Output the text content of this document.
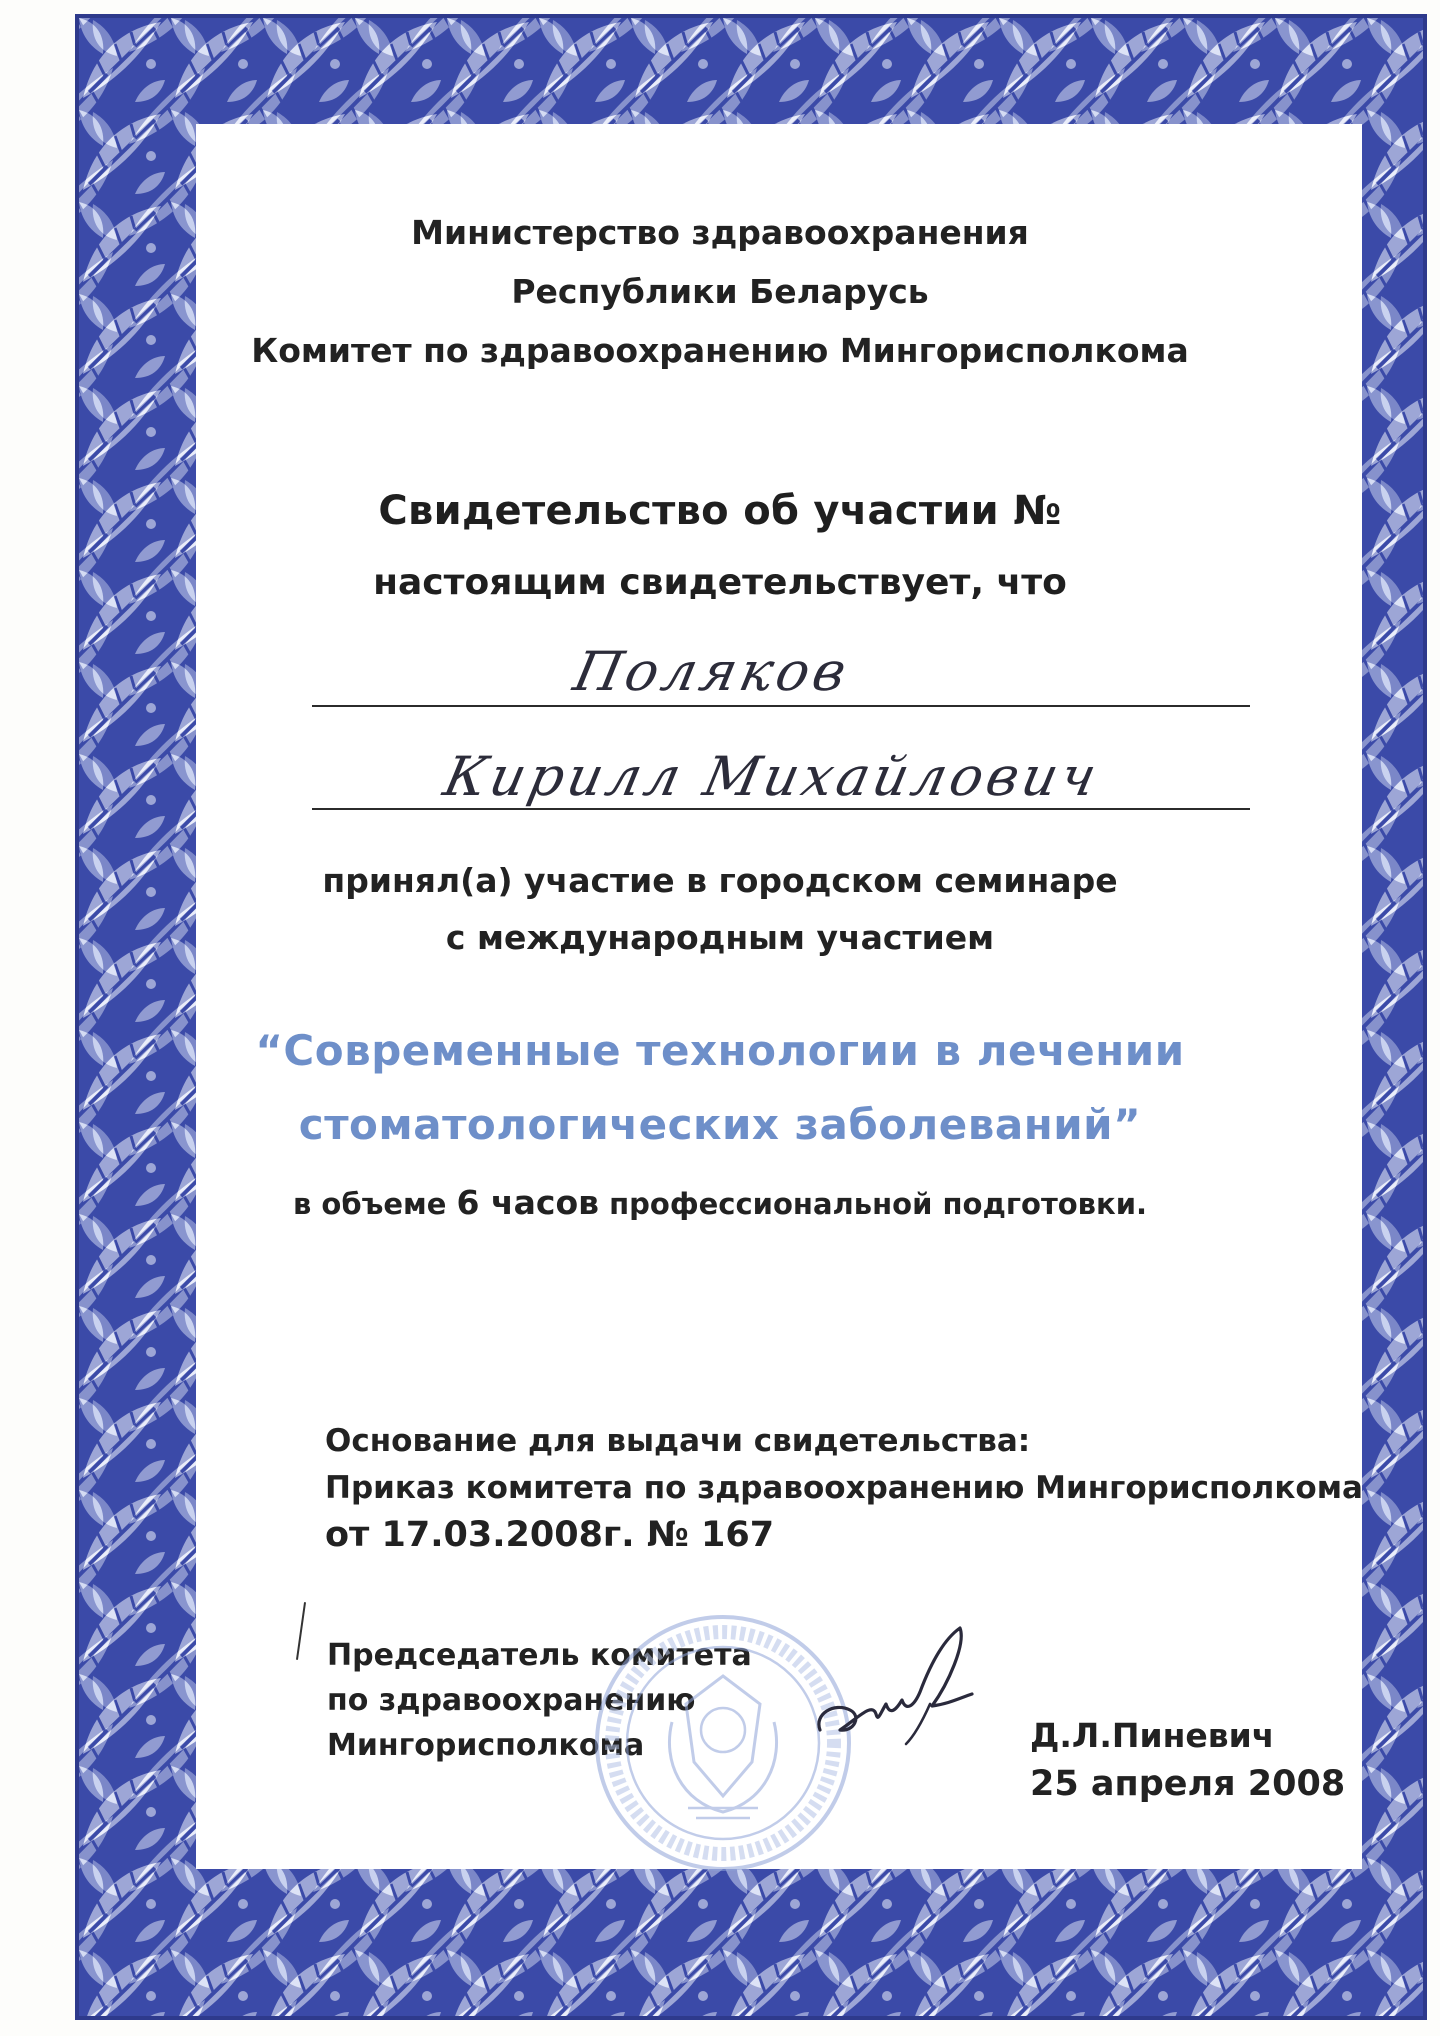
Министерство здравоохранения
Республики Беларусь
Комитет по здравоохранению Мингорисполкома
Свидетельство об участии №
настоящим свидетельствует, что
Поляков
Кирилл Михайлович
принял(а) участие в городском семинаре
с международным участием
“Современные технологии в лечении
стоматологических заболеваний”
в объеме 6 часов профессиональной подготовки.
Основание для выдачи свидетельства:
Приказ комитета по здравоохранению Мингорисполкома
от 17.03.2008г. № 167
Председатель комитета
по здравоохранению
Мингорисполкома	Д.Л.Пиневич
25 апреля 2008
